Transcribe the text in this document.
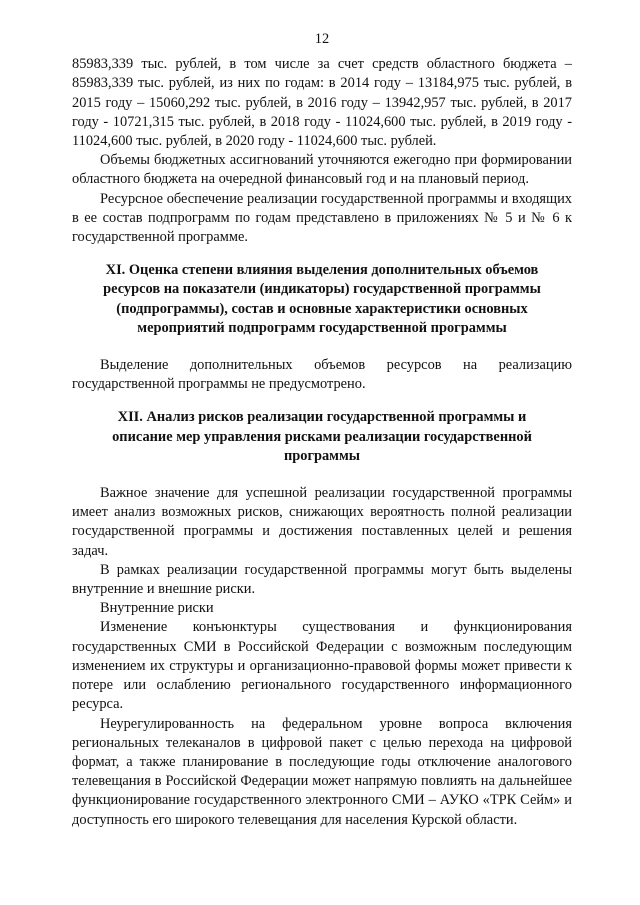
12

85983,339 тыс. рублей, в том числе за счет средств областного бюджета – 85983,339 тыс. рублей, из них по годам: в 2014 году – 13184,975 тыс. рублей, в 2015 году – 15060,292 тыс. рублей, в 2016 году – 13942,957 тыс. рублей, в 2017 году - 10721,315 тыс. рублей, в 2018 году - 11024,600 тыс. рублей, в 2019 году - 11024,600 тыс. рублей, в 2020 году - 11024,600 тыс. рублей.

Объемы бюджетных ассигнований уточняются ежегодно при формировании областного бюджета на очередной финансовый год и на плановый период.

Ресурсное обеспечение реализации государственной программы и входящих в ее состав подпрограмм по годам представлено в приложениях № 5 и № 6 к государственной программе.

XI. Оценка степени влияния выделения дополнительных объемов ресурсов на показатели (индикаторы) государственной программы (подпрограммы), состав и основные характеристики основных мероприятий подпрограмм государственной программы

Выделение дополнительных объемов ресурсов на реализацию государственной программы не предусмотрено.

XII. Анализ рисков реализации государственной программы и описание мер управления рисками реализации государственной программы

Важное значение для успешной реализации государственной программы имеет анализ возможных рисков, снижающих вероятность полной реализации государственной программы и достижения поставленных целей и решения задач.

В рамках реализации государственной программы могут быть выделены внутренние и внешние риски.

Внутренние риски

Изменение конъюнктуры существования и функционирования государственных СМИ в Российской Федерации с возможным последующим изменением их структуры и организационно-правовой формы может привести к потере или ослаблению регионального государственного информационного ресурса.

Неурегулированность на федеральном уровне вопроса включения региональных телеканалов в цифровой пакет с целью перехода на цифровой формат, а также планирование в последующие годы отключение аналогового телевещания в Российской Федерации может напрямую повлиять на дальнейшее функционирование государственного электронного СМИ – АУКО «ТРК Сейм» и доступность его широкого телевещания для населения Курской области.
